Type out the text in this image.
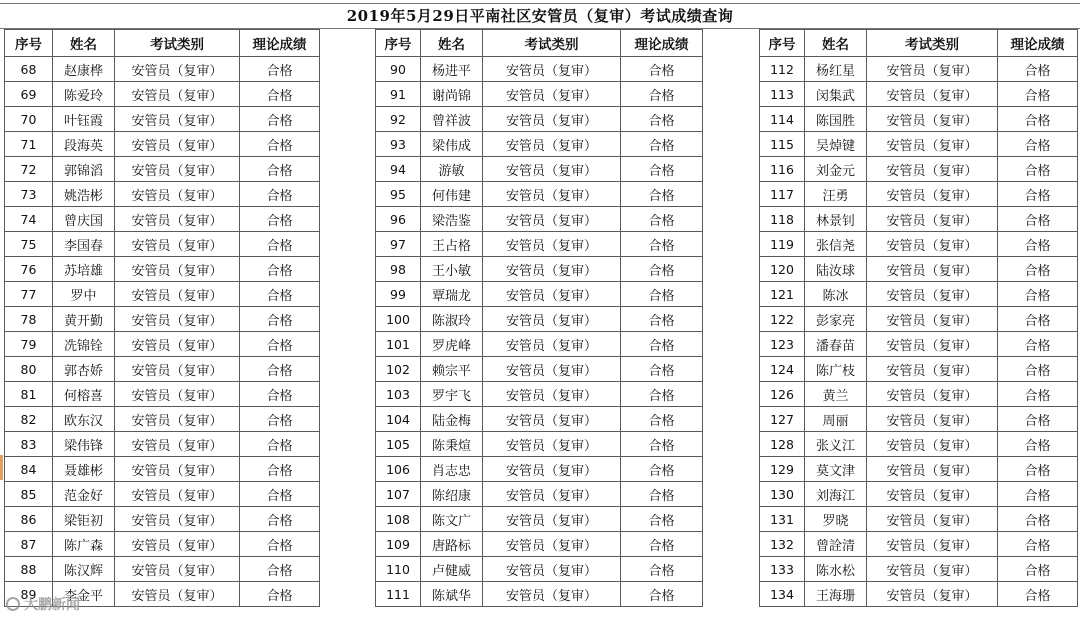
2019年5月29日平南社区安管员（复审）考试成绩查询
序号	姓名	考试类别	理论成绩
68	赵康桦	安管员（复审）	合格
69	陈爱玲	安管员（复审）	合格
70	叶钰霞	安管员（复审）	合格
71	段海英	安管员（复审）	合格
72	郭锦滔	安管员（复审）	合格
73	姚浩彬	安管员（复审）	合格
74	曾庆国	安管员（复审）	合格
75	李国春	安管员（复审）	合格
76	苏培雄	安管员（复审）	合格
77	罗中	安管员（复审）	合格
78	黄开勤	安管员（复审）	合格
79	冼锦铨	安管员（复审）	合格
80	郭杏娇	安管员（复审）	合格
81	何榕喜	安管员（复审）	合格
82	欧东汉	安管员（复审）	合格
83	梁伟锋	安管员（复审）	合格
84	聂雄彬	安管员（复审）	合格
85	范金好	安管员（复审）	合格
86	梁钜初	安管员（复审）	合格
87	陈广森	安管员（复审）	合格
88	陈汉辉	安管员（复审）	合格
89	李金平	安管员（复审）	合格
序号	姓名	考试类别	理论成绩
90	杨进平	安管员（复审）	合格
91	谢尚锦	安管员（复审）	合格
92	曾祥波	安管员（复审）	合格
93	梁伟成	安管员（复审）	合格
94	游敏	安管员（复审）	合格
95	何伟建	安管员（复审）	合格
96	梁浩鉴	安管员（复审）	合格
97	王占格	安管员（复审）	合格
98	王小敏	安管员（复审）	合格
99	覃瑞龙	安管员（复审）	合格
100	陈淑玲	安管员（复审）	合格
101	罗虎峰	安管员（复审）	合格
102	赖宗平	安管员（复审）	合格
103	罗宇飞	安管员（复审）	合格
104	陆金梅	安管员（复审）	合格
105	陈秉煊	安管员（复审）	合格
106	肖志忠	安管员（复审）	合格
107	陈绍康	安管员（复审）	合格
108	陈文广	安管员（复审）	合格
109	唐路标	安管员（复审）	合格
110	卢健威	安管员（复审）	合格
111	陈斌华	安管员（复审）	合格
序号	姓名	考试类别	理论成绩
112	杨红星	安管员（复审）	合格
113	闵集武	安管员（复审）	合格
114	陈国胜	安管员（复审）	合格
115	吴焯键	安管员（复审）	合格
116	刘金元	安管员（复审）	合格
117	汪勇	安管员（复审）	合格
118	林景钊	安管员（复审）	合格
119	张信尧	安管员（复审）	合格
120	陆汝球	安管员（复审）	合格
121	陈冰	安管员（复审）	合格
122	彭家亮	安管员（复审）	合格
123	潘春苗	安管员（复审）	合格
124	陈广枝	安管员（复审）	合格
126	黄兰	安管员（复审）	合格
127	周丽	安管员（复审）	合格
128	张义江	安管员（复审）	合格
129	莫文津	安管员（复审）	合格
130	刘海江	安管员（复审）	合格
131	罗晓	安管员（复审）	合格
132	曾詮清	安管员（复审）	合格
133	陈水松	安管员（复审）	合格
134	王海珊	安管员（复审）	合格
大鹏新闻
